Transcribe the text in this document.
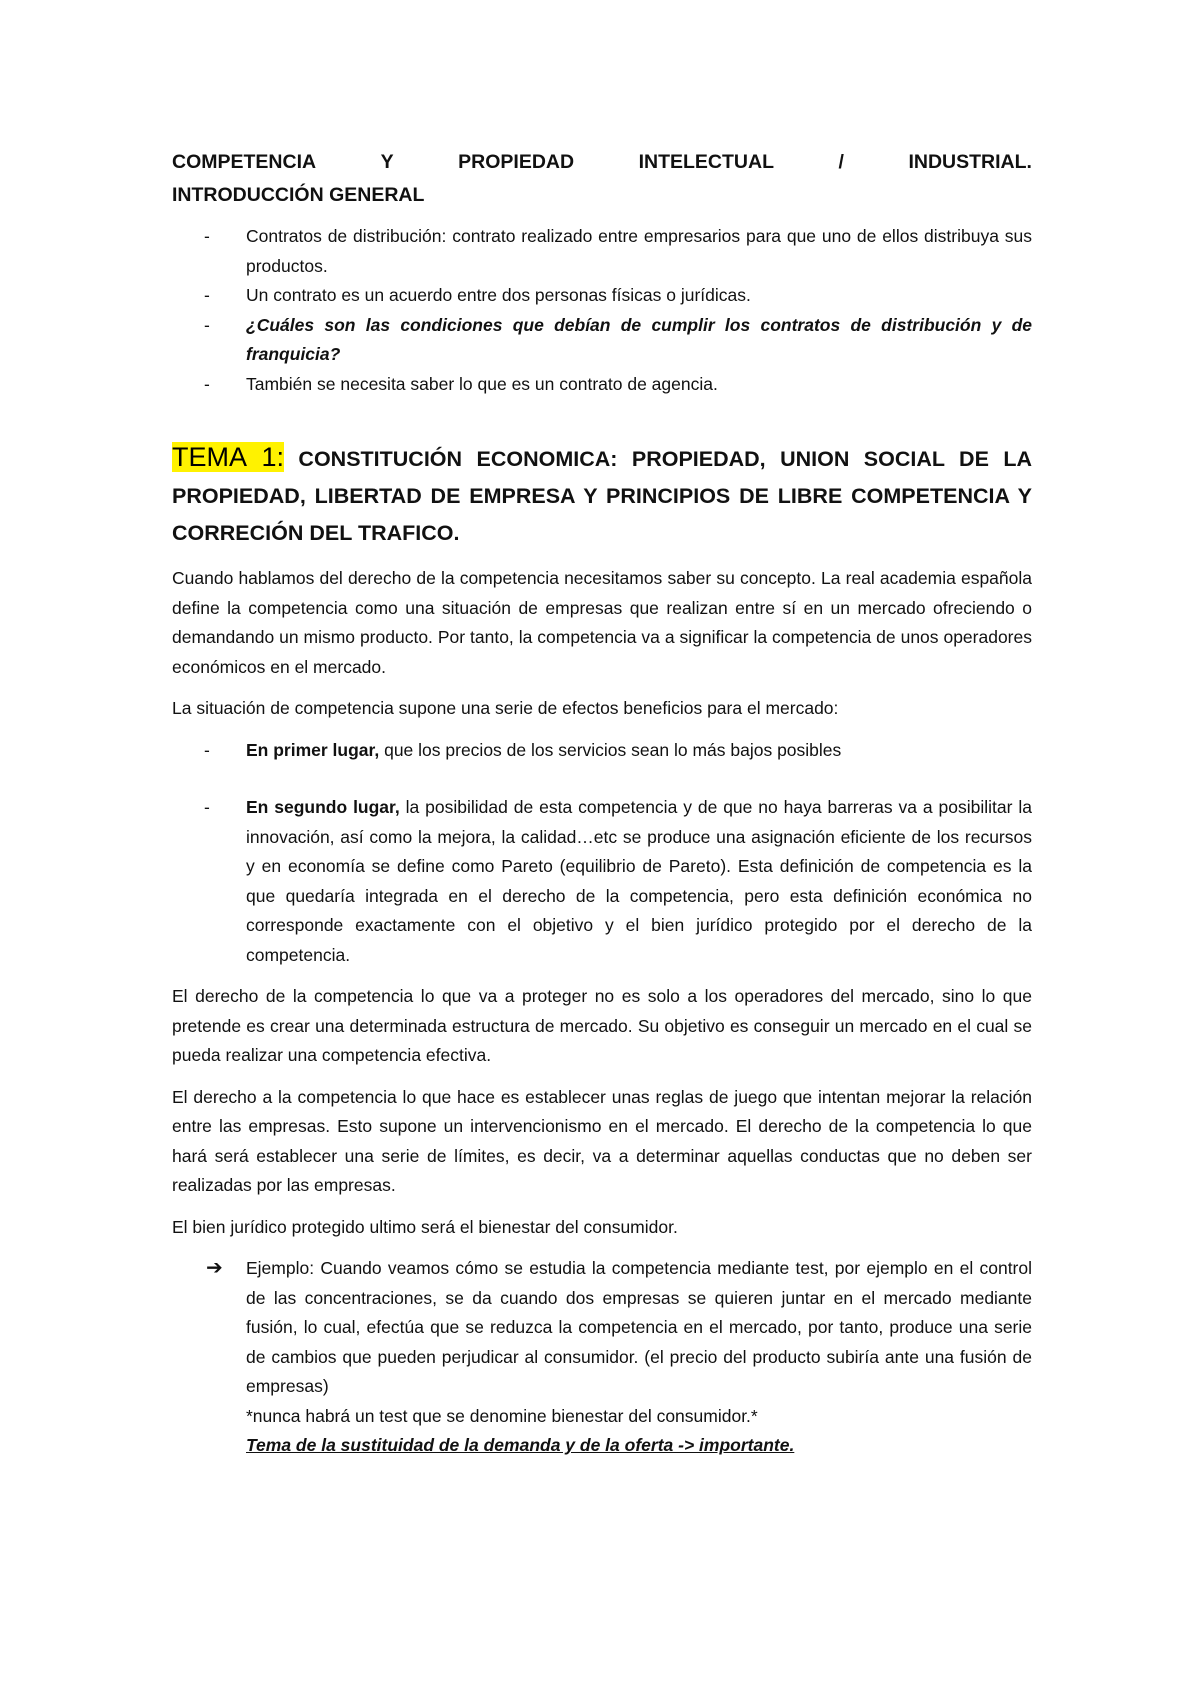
COMPETENCIA	Y	PROPIEDAD	INTELECTUAL	/	INDUSTRIAL.
INTRODUCCIÓN GENERAL
- Contratos de distribución: contrato realizado entre empresarios para que uno de ellos distribuya sus productos.
- Un contrato es un acuerdo entre dos personas físicas o jurídicas.
- ¿Cuáles son las condiciones que debían de cumplir los contratos de distribución y de franquicia?
- También se necesita saber lo que es un contrato de agencia.
TEMA 1: CONSTITUCIÓN ECONOMICA: PROPIEDAD, UNION SOCIAL DE LA PROPIEDAD, LIBERTAD DE EMPRESA Y PRINCIPIOS DE LIBRE COMPETENCIA Y CORRECIÓN DEL TRAFICO.

Cuando hablamos del derecho de la competencia necesitamos saber su concepto. La real academia española define la competencia como una situación de empresas que realizan entre sí en un mercado ofreciendo o demandando un mismo producto. Por tanto, la competencia va a significar la competencia de unos operadores económicos en el mercado.

La situación de competencia supone una serie de efectos beneficios para el mercado:

- En primer lugar, que los precios de los servicios sean lo más bajos posibles
- En segundo lugar, la posibilidad de esta competencia y de que no haya barreras va a posibilitar la innovación, así como la mejora, la calidad…etc se produce una asignación eficiente de los recursos y en economía se define como Pareto (equilibrio de Pareto). Esta definición de competencia es la que quedaría integrada en el derecho de la competencia, pero esta definición económica no corresponde exactamente con el objetivo y el bien jurídico protegido por el derecho de la competencia.

El derecho de la competencia lo que va a proteger no es solo a los operadores del mercado, sino lo que pretende es crear una determinada estructura de mercado. Su objetivo es conseguir un mercado en el cual se pueda realizar una competencia efectiva.

El derecho a la competencia lo que hace es establecer unas reglas de juego que intentan mejorar la relación entre las empresas. Esto supone un intervencionismo en el mercado. El derecho de la competencia lo que hará será establecer una serie de límites, es decir, va a determinar aquellas conductas que no deben ser realizadas por las empresas.

El bien jurídico protegido ultimo será el bienestar del consumidor.

➔ Ejemplo: Cuando veamos cómo se estudia la competencia mediante test, por ejemplo en el control de las concentraciones, se da cuando dos empresas se quieren juntar en el mercado mediante fusión, lo cual, efectúa que se reduzca la competencia en el mercado, por tanto, produce una serie de cambios que pueden perjudicar al consumidor. (el precio del producto subiría ante una fusión de empresas)
*nunca habrá un test que se denomine bienestar del consumidor.*
Tema de la sustituidad de la demanda y de la oferta -> importante.
